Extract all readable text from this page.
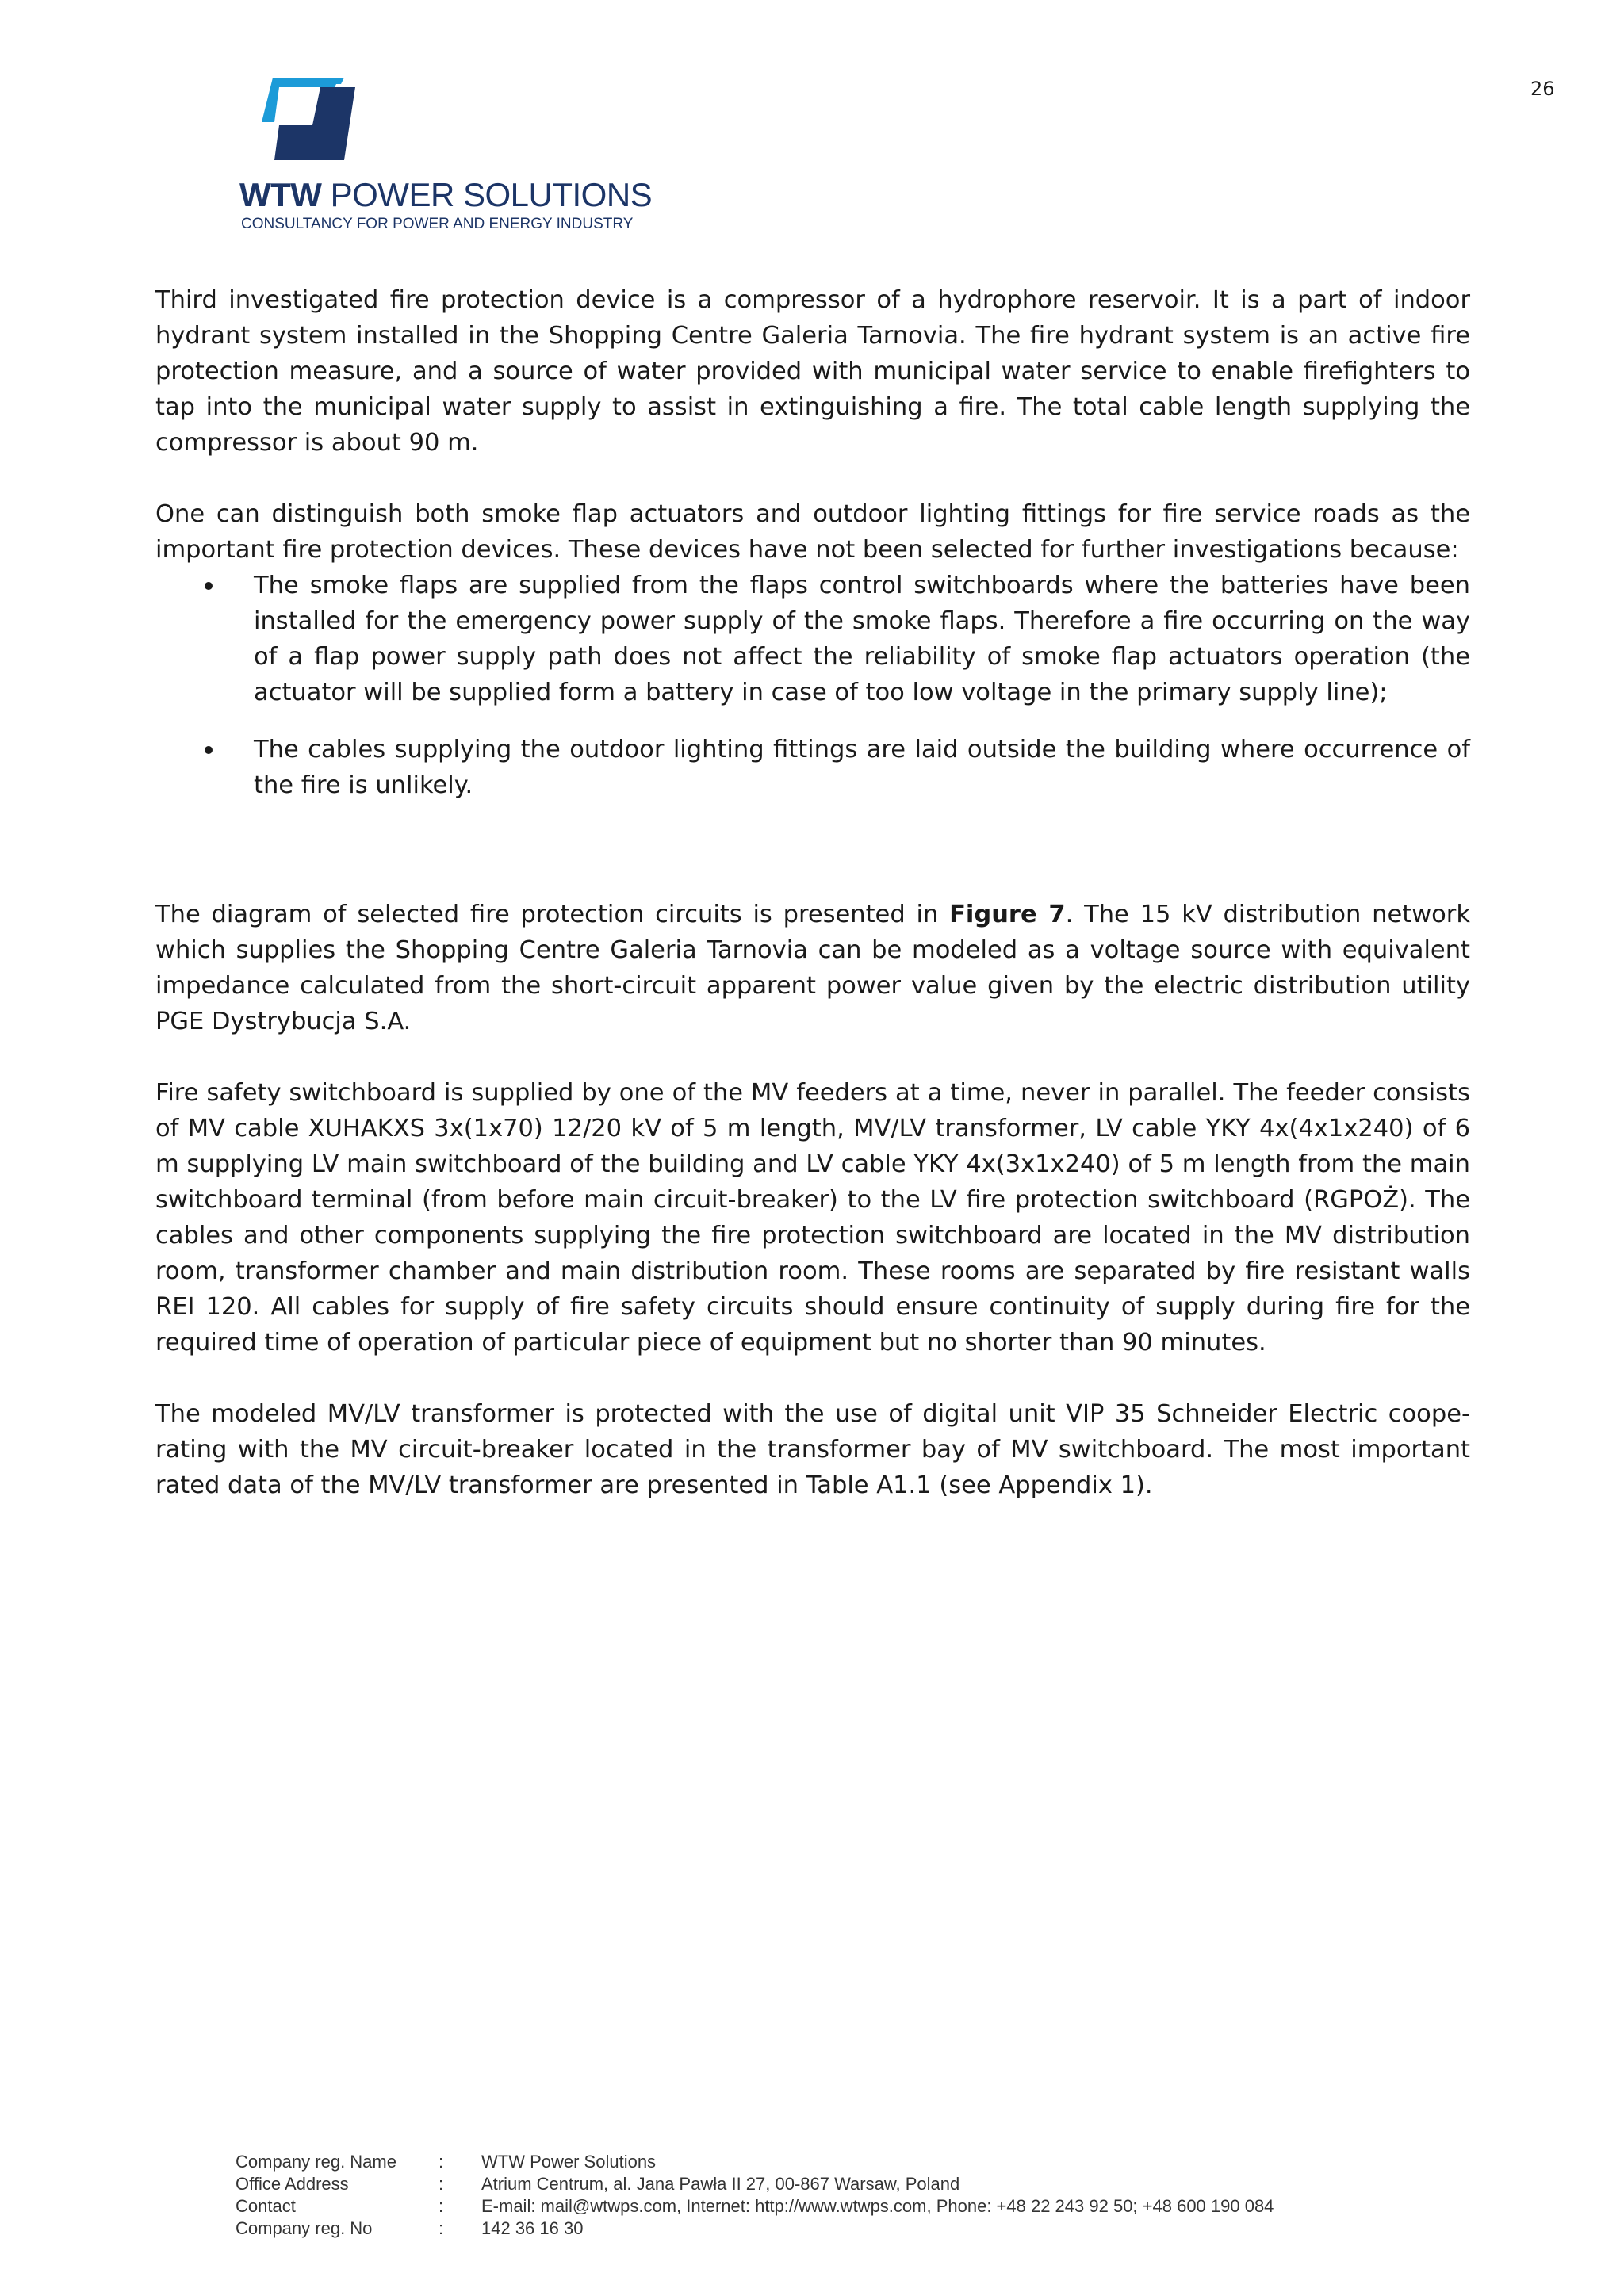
26
WTW POWER SOLUTIONS
CONSULTANCY FOR POWER AND ENERGY INDUSTRY

Third investigated fire protection device is a compressor of a hydrophore reservoir. It is a part of indoor hydrant system installed in the Shopping Centre Galeria Tarnovia. The fire hydrant system is an active fire protection measure, and a source of water provided with municipal water service to enable firefighters to tap into the municipal water supply to assist in extinguishing a fire. The total cable length supplying the compressor is about 90 m.

One can distinguish both smoke flap actuators and outdoor lighting fittings for fire service roads as the important fire protection devices. These devices have not been selected for further investigations because:

The smoke flaps are supplied from the flaps control switchboards where the batteries have been installed for the emergency power supply of the smoke flaps. Therefore a fire occurring on the way of a flap power supply path does not affect the reliability of smoke flap actuators operation (the actuator will be supplied form a battery in case of too low voltage in the primary supply line);
The cables supplying the outdoor lighting fittings are laid outside the building where occurrence of the fire is unlikely.

The diagram of selected fire protection circuits is presented in Figure 7. The 15 kV distribution network which supplies the Shopping Centre Galeria Tarnovia can be modeled as a voltage source with equivalent impedance calculated from the short-circuit apparent power value given by the electric distribution utility PGE Dystrybucja S.A.

Fire safety switchboard is supplied by one of the MV feeders at a time, never in parallel. The feeder consists of MV cable XUHAKXS 3x(1x70) 12/20 kV of 5 m length, MV/LV transformer, LV cable YKY 4x(4x1x240) of 6 m supplying LV main switchboard of the building and LV cable YKY 4x(3x1x240) of 5 m length from the main switchboard terminal (from before main circuit-breaker) to the LV fire protection switchboard (RGPOŻ). The cables and other components supplying the fire protection switchboard are located in the MV distribution room, transformer chamber and main distribution room. These rooms are separated by fire resistant walls REI 120. All cables for supply of fire safety circuits should ensure continuity of supply during fire for the required time of operation of particular piece of equipment but no shorter than 90 minutes.

The modeled MV/LV transformer is protected with the use of digital unit VIP 35 Schneider Electric cooperating with the MV circuit-breaker located in the transformer bay of MV switchboard. The most important rated data of the MV/LV transformer are presented in Table A1.1 (see Appendix 1).

Company reg. Name	:	WTW Power Solutions
Office Address	:	Atrium Centrum, al. Jana Pawła II 27, 00-867 Warsaw, Poland
Contact	:	E-mail: mail@wtwps.com, Internet: http://www.wtwps.com, Phone: +48 22 243 92 50; +48 600 190 084
Company reg. No	:	142 36 16 30
